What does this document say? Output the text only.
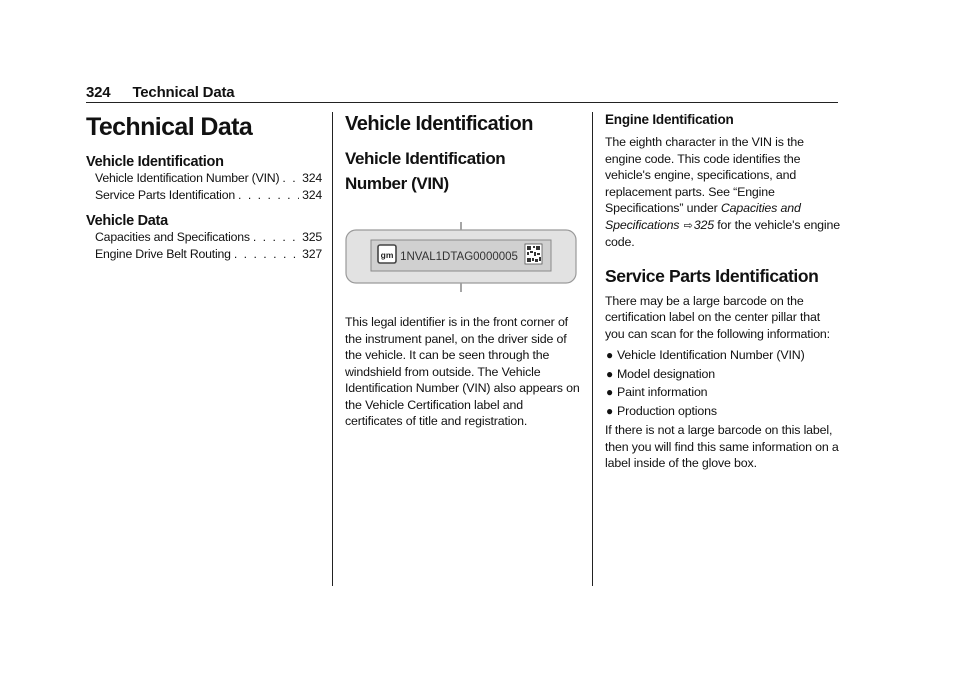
324 Technical Data
Technical Data
Vehicle Identification
Vehicle Identification Number (VIN) . . . 324
Service Parts Identification . . .	324
Vehicle Data
Capacities and Specifications . . .	325
Engine Drive Belt Routing . . .	327
Vehicle Identification
Vehicle Identification
Number (VIN)
gm 1NVAL1DTAG0000005

This legal identifier is in the front corner of the instrument panel, on the driver side of the vehicle. It can be seen through the windshield from outside. The Vehicle Identification Number (VIN) also appears on the Vehicle Certification label and certificates of title and registration.

Engine Identification

The eighth character in the VIN is the engine code. This code identifies the vehicle's engine, specifications, and replacement parts. See “Engine Specifications” under Capacities and Specifications ⇨325 for the vehicle's engine code.

Service Parts Identification

There may be a large barcode on the certification label on the center pillar that you can scan for the following information:

● Vehicle Identification Number (VIN)
● Model designation
● Paint information
● Production options

If there is not a large barcode on this label, then you will find this same information on a label inside of the glove box.
